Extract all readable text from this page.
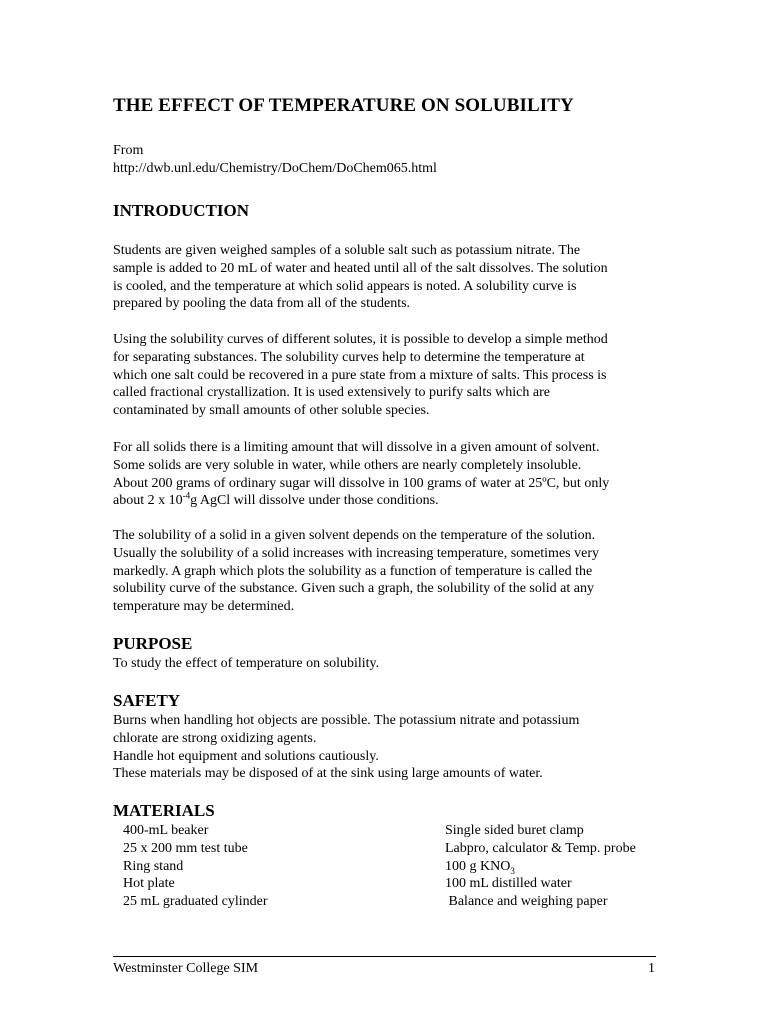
THE EFFECT OF TEMPERATURE ON SOLUBILITY
From
http://dwb.unl.edu/Chemistry/DoChem/DoChem065.html
INTRODUCTION
Students are given weighed samples of a soluble salt such as potassium nitrate. The
sample is added to 20 mL of water and heated until all of the salt dissolves. The solution
is cooled, and the temperature at which solid appears is noted. A solubility curve is
prepared by pooling the data from all of the students.
Using the solubility curves of different solutes, it is possible to develop a simple method
for separating substances. The solubility curves help to determine the temperature at
which one salt could be recovered in a pure state from a mixture of salts. This process is
called fractional crystallization. It is used extensively to purify salts which are
contaminated by small amounts of other soluble species.
For all solids there is a limiting amount that will dissolve in a given amount of solvent.
Some solids are very soluble in water, while others are nearly completely insoluble.
About 200 grams of ordinary sugar will dissolve in 100 grams of water at 25ºC, but only
about 2 x $10^{-4}g$ AgCl will dissolve under those conditions.
The solubility of a solid in a given solvent depends on the temperature of the solution.
Usually the solubility of a solid increases with increasing temperature, sometimes very
markedly. A graph which plots the solubility as a function of temperature is called the
solubility curve of the substance. Given such a graph, the solubility of the solid at any
temperature may be determined.
PURPOSE
To study the effect of temperature on solubility.
SAFETY
Burns when handling hot objects are possible. The potassium nitrate and potassium
chlorate are strong oxidizing agents.
Handle hot equipment and solutions cautiously.
These materials may be disposed of at the sink using large amounts of water.
MATERIALS
400-mL beaker
25 x 200 mm test tube
Ring stand
Hot plate
25 mL graduated cylinder
Single sided buret clamp
Labpro, calculator & Temp. probe
100 g $KNO_3$
100 mL distilled water
Balance and weighing paper
Westminster College SIM	1
